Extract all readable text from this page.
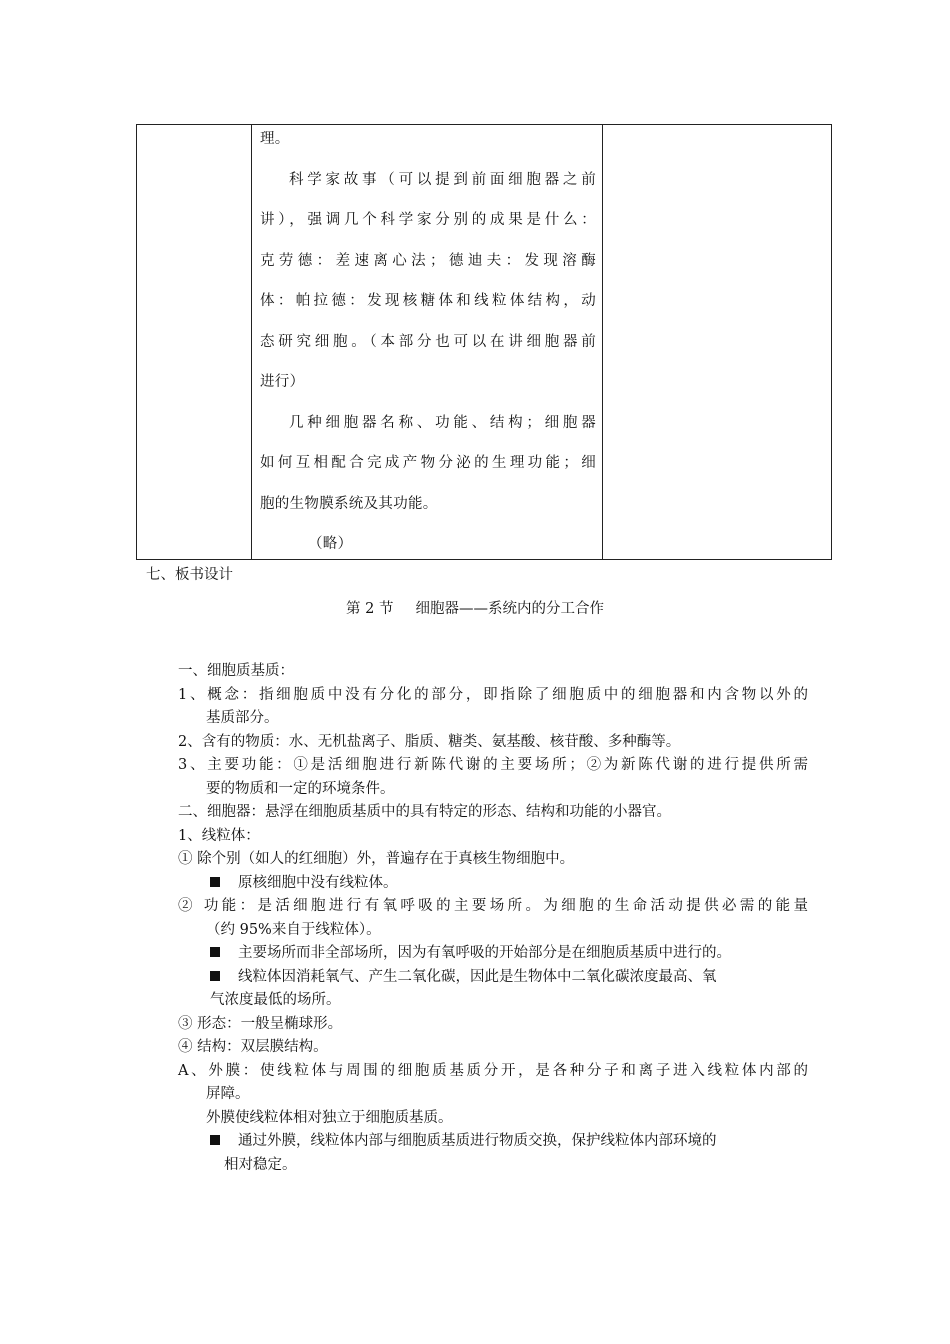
理。
科学家故事（可以提到前面细胞器之前
讲），强调几个科学家分别的成果是什么：
克劳德：差速离心法；德迪夫：发现溶酶
体：帕拉德：发现核糖体和线粒体结构，动
态研究细胞。（本部分也可以在讲细胞器前
进行）
几种细胞器名称、功能、结构；细胞器
如何互相配合完成产物分泌的生理功能；细
胞的生物膜系统及其功能。
（略）
七、板书设计
第 2 节 细胞器——系统内的分工合作
一、细胞质基质：
1、概念：指细胞质中没有分化的部分，即指除了细胞质中的细胞器和内含物以外的
基质部分。
2、含有的物质：水、无机盐离子、脂质、糖类、氨基酸、核苷酸、多种酶等。
3、主要功能：①是活细胞进行新陈代谢的主要场所；②为新陈代谢的进行提供所需
要的物质和一定的环境条件。
二、细胞器：悬浮在细胞质基质中的具有特定的形态、结构和功能的小器官。
1、线粒体：
① 除个别（如人的红细胞）外，普遍存在于真核生物细胞中。
原核细胞中没有线粒体。
② 功能：是活细胞进行有氧呼吸的主要场所。为细胞的生命活动提供必需的能量
（约 95%来自于线粒体）。
主要场所而非全部场所，因为有氧呼吸的开始部分是在细胞质基质中进行的。
线粒体因消耗氧气、产生二氧化碳，因此是生物体中二氧化碳浓度最高、氧
气浓度最低的场所。
③ 形态：一般呈椭球形。
④ 结构：双层膜结构。
A、外膜：使线粒体与周围的细胞质基质分开，是各种分子和离子进入线粒体内部的
屏障。
外膜使线粒体相对独立于细胞质基质。
通过外膜，线粒体内部与细胞质基质进行物质交换，保护线粒体内部环境的
相对稳定。
